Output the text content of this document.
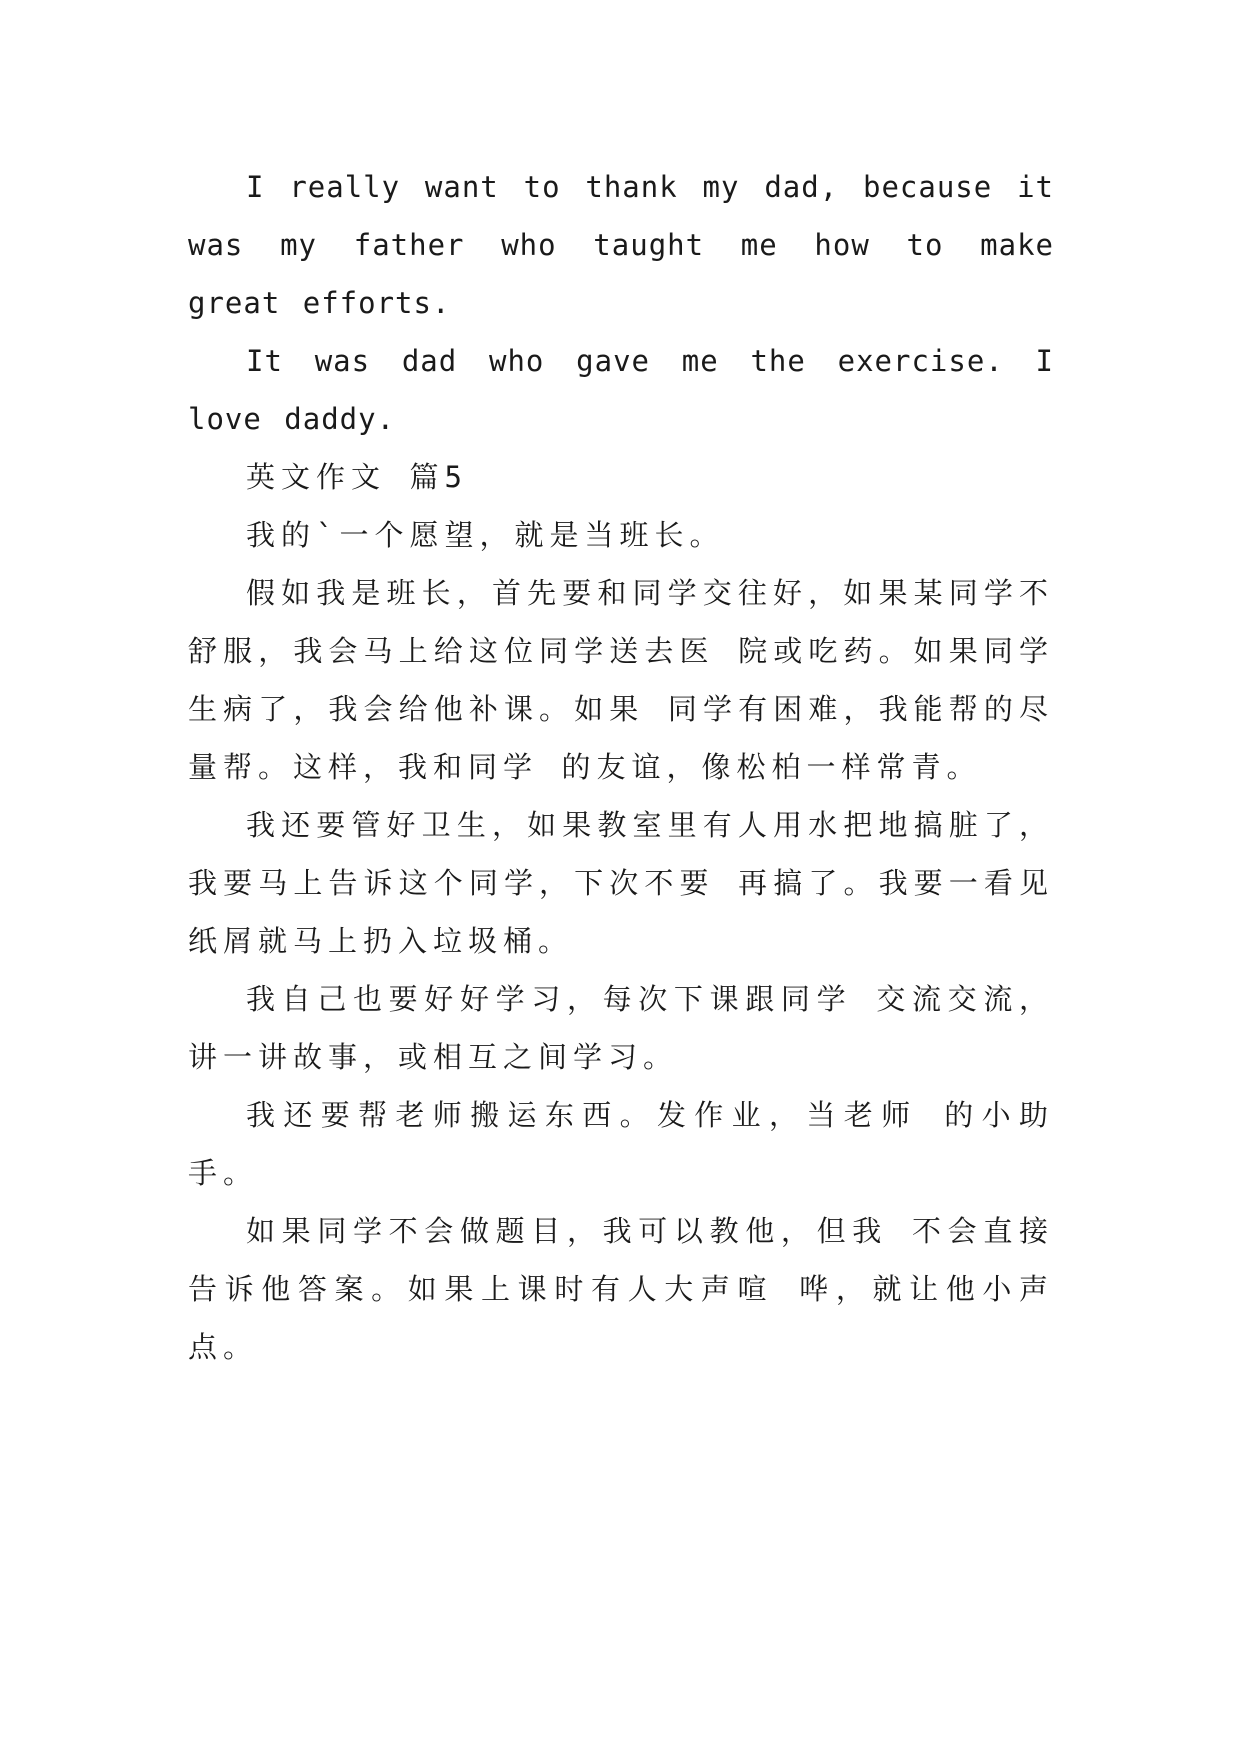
I really want to thank my dad, because it was my father who taught me how to make great efforts.

It was dad who gave me the exercise. I love daddy.

英文作文 篇5

我的`一个愿望，就是当班长。

假如我是班长，首先要和同学交往好，如果某同学不舒服，我会马上给这位同学送去医 院或吃药。如果同学生病了，我会给他补课。如果 同学有困难，我能帮的尽量帮。这样，我和同学 的友谊，像松柏一样常青。

我还要管好卫生，如果教室里有人用水把地搞脏了，我要马上告诉这个同学，下次不要 再搞了。我要一看见纸屑就马上扔入垃圾桶。

我自己也要好好学习，每次下课跟同学 交流交流，讲一讲故事，或相互之间学习。

我还要帮老师搬运东西。发作业，当老师 的小助手。

如果同学不会做题目，我可以教他，但我 不会直接告诉他答案。如果上课时有人大声喧 哗，就让他小声点。
